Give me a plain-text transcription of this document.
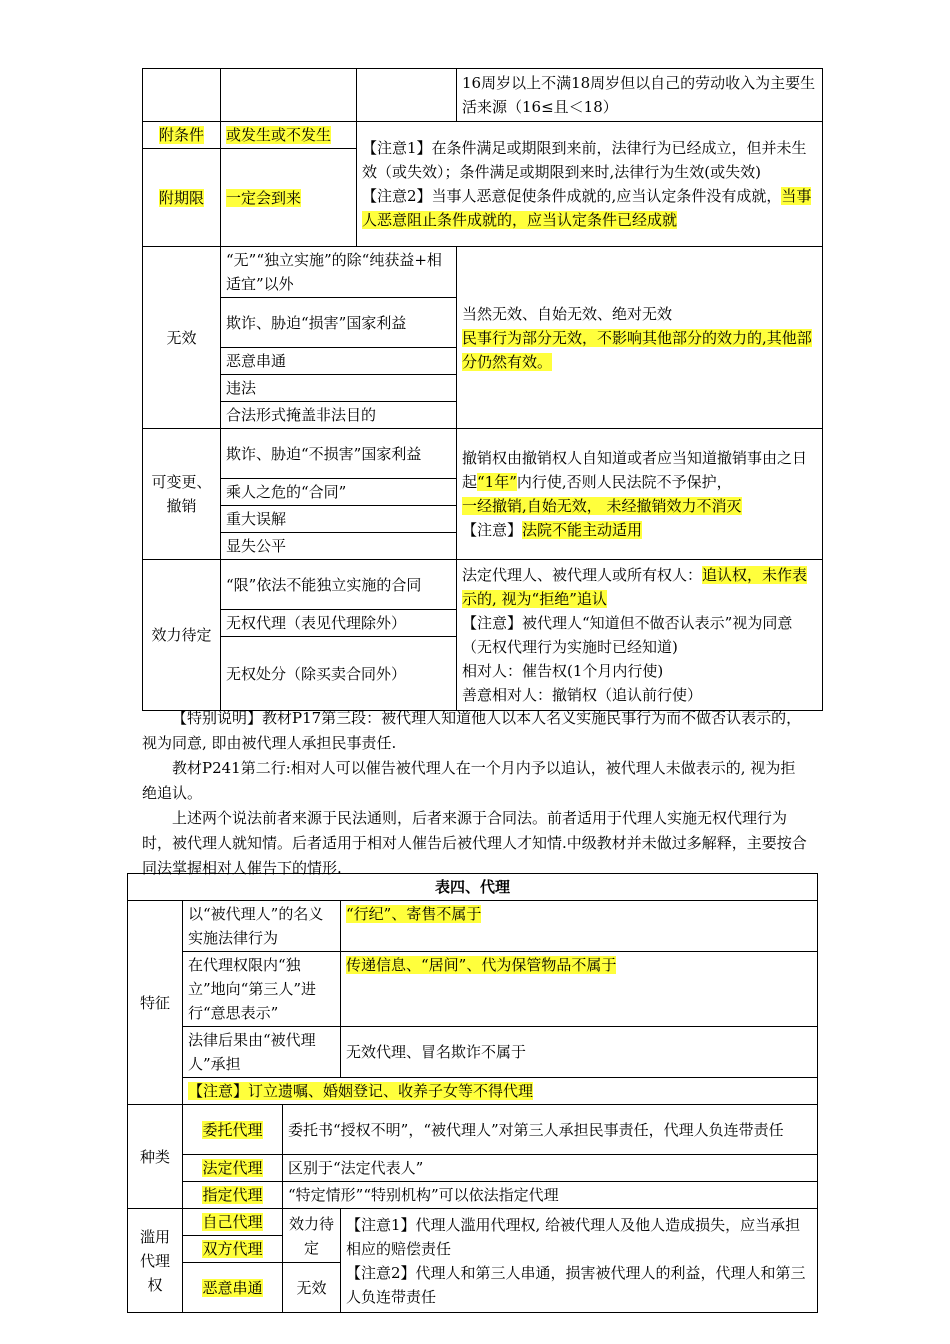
			16周岁以上不满18周岁但以自己的劳动收入为主要生活来源（16≤且＜18）
附条件	或发生或不发生	【注意1】在条件满足或期限到来前，法律行为已经成立，但并未生效（或失效）；条件满足或期限到来时,法律行为生效(或失效)
【注意2】当事人恶意促使条件成就的,应当认定条件没有成就，当事人恶意阻止条件成就的，应当认定条件已经成就	

附期限	一定会到来		
无效	“无”“独立实施”的除“纯获益+相适宜”以外		当然无效、自始无效、绝对无效
民事行为部分无效，不影响其他部分的效力的,其他部分仍然有效。

	欺诈、胁迫“损害”国家利益		
	恶意串通		
	违法		
	合法形式掩盖非法目的		
可变更、撤销	欺诈、胁迫“不损害”国家利益		撤销权由撤销权人自知道或者应当知道撤销事由之日起“1年”内行使,否则人民法院不予保护，
一经撤销,自始无效， 未经撤销效力不消灭
【注意】法院不能主动适用
	乘人之危的“合同”		
	重大误解		
	显失公平		
效力待定	“限”依法不能独立实施的合同		法定代理人、被代理人或所有权人：追认权，未作表示的, 视为“拒绝”追认
【注意】被代理人“知道但不做否认表示”视为同意（无权代理行为实施时已经知道)
相对人：催告权(1个月内行使)
善意相对人：撤销权（追认前行使）
	无权代理（表见代理除外）		
	无权处分（除买卖合同外）		

【特别说明】教材P17第三段：被代理人知道他人以本人名义实施民事行为而不做否认表示的，视为同意, 即由被代理人承担民事责任.

教材P241第二行:相对人可以催告被代理人在一个月内予以追认，被代理人未做表示的, 视为拒绝追认。

上述两个说法前者来源于民法通则，后者来源于合同法。前者适用于代理人实施无权代理行为时，被代理人就知情。后者适用于相对人催告后被代理人才知情.中级教材并未做过多解释，主要按合同法掌握相对人催告下的情形.

表四、代理			
特征	以“被代理人”的名义实施法律行为		“行纪”、寄售不属于
	在代理权限内“独立”地向“第三人”进行“意思表示”		传递信息、“居间”、代为保管物品不属于
	法律后果由“被代理人”承担		无效代理、冒名欺诈不属于
	【注意】订立遗嘱、婚姻登记、收养子女等不得代理		
种类	委托代理	委托书“授权不明”，“被代理人”对第三人承担民事责任，代理人负连带责任	
	法定代理	区别于“法定代表人”	
	指定代理	“特定情形”“特别机构”可以依法指定代理	
滥用代理权	自己代理	效力待定	【注意1】代理人滥用代理权, 给被代理人及他人造成损失，应当承担相应的赔偿责任
【注意2】代理人和第三人串通，损害被代理人的利益，代理人和第三人负连带责任

	双方代理		
	恶意串通	无效	
